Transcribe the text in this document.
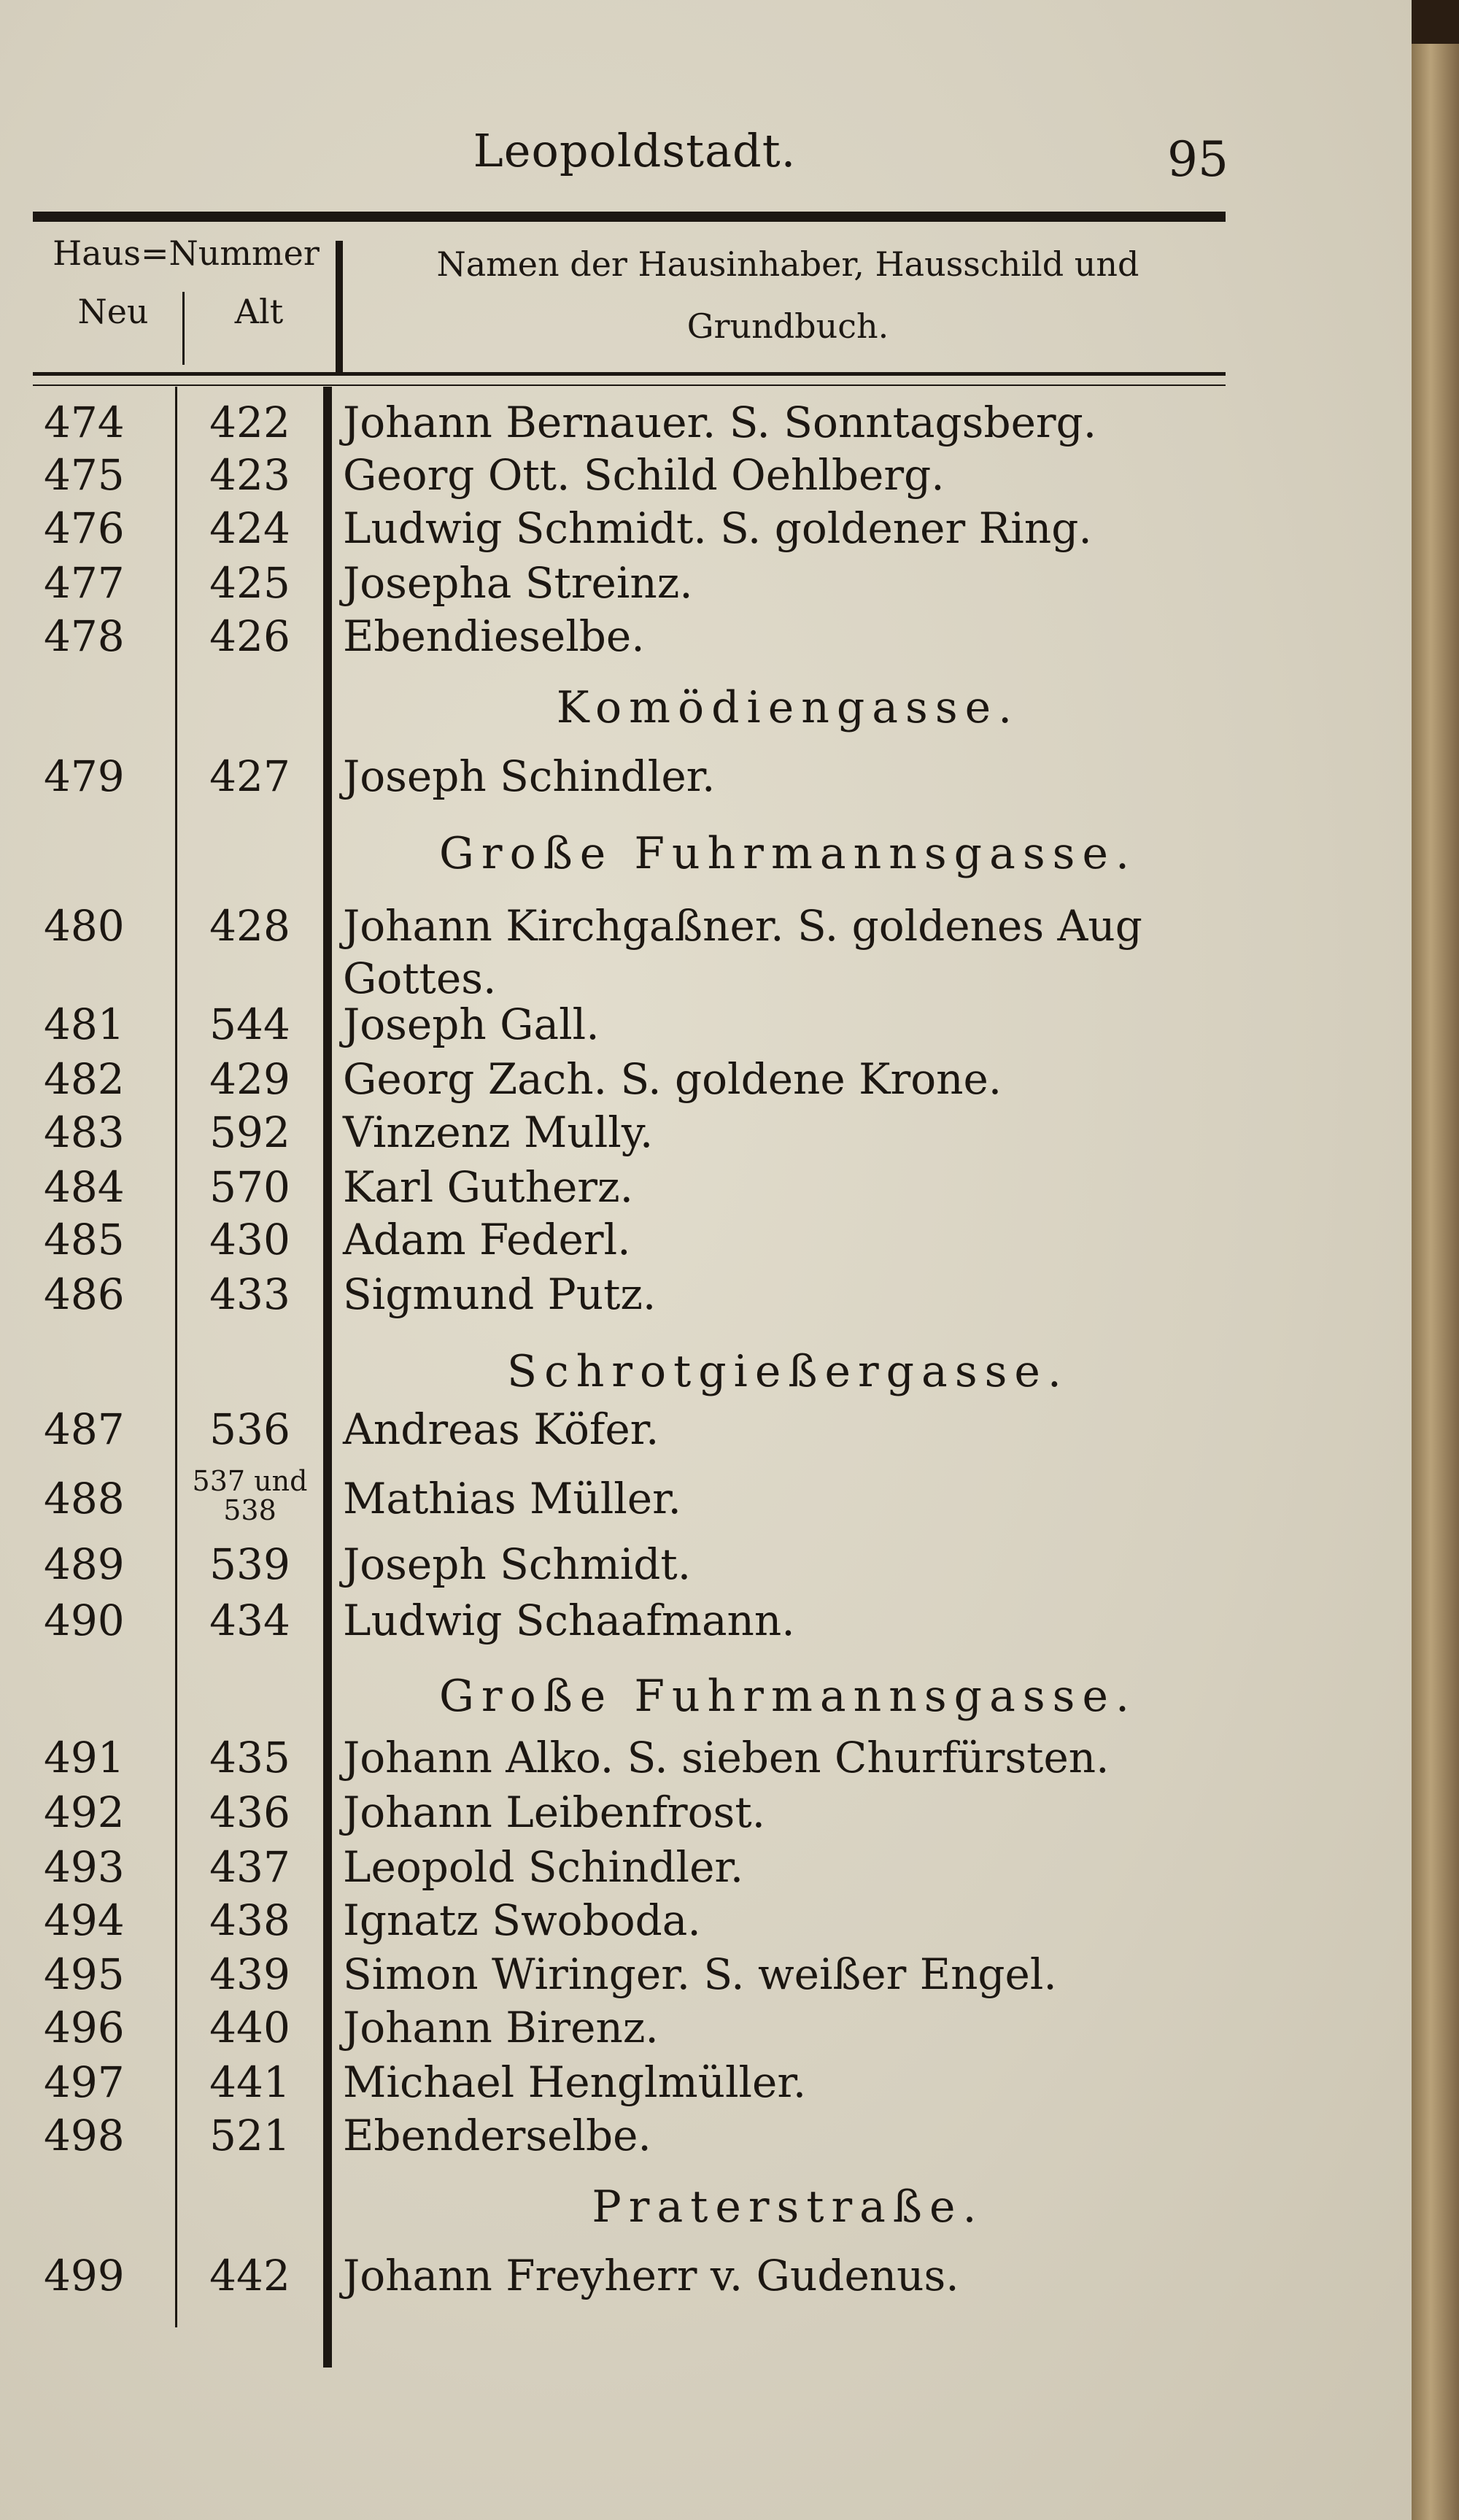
Leopoldstadt.	95
Haus=Nummer
Neu	Alt
Namen der Hausinhaber, Hausschild und
Grundbuch.
474	422	Johann Bernauer. S. Sonntagsberg.
475	423	Georg Ott. Schild Oehlberg.
476	424	Ludwig Schmidt. S. goldener Ring.
477	425	Josepha Streinz.
478	426	Ebendieselbe.
Komödiengasse.
479	427	Joseph Schindler.
Große Fuhrmannsgasse.
480	428	Johann Kirchgaßner. S. goldenes Aug
Gottes.
481	544	Joseph Gall.
482	429	Georg Zach. S. goldene Krone.
483	592	Vinzenz Mully.
484	570	Karl Gutherz.
485	430	Adam Federl.
486	433	Sigmund Putz.
Schrotgießergasse.
487	536	Andreas Köfer.
488	537 und 538	Mathias Müller.
489	539	Joseph Schmidt.
490	434	Ludwig Schaafmann.
Große Fuhrmannsgasse.
491	435	Johann Alko. S. sieben Churfürsten.
492	436	Johann Leibenfrost.
493	437	Leopold Schindler.
494	438	Ignatz Swoboda.
495	439	Simon Wiringer. S. weißer Engel.
496	440	Johann Birenz.
497	441	Michael Henglmüller.
498	521	Ebenderselbe.
Praterstraße.
499	442	Johann Freyherr v. Gudenus.
